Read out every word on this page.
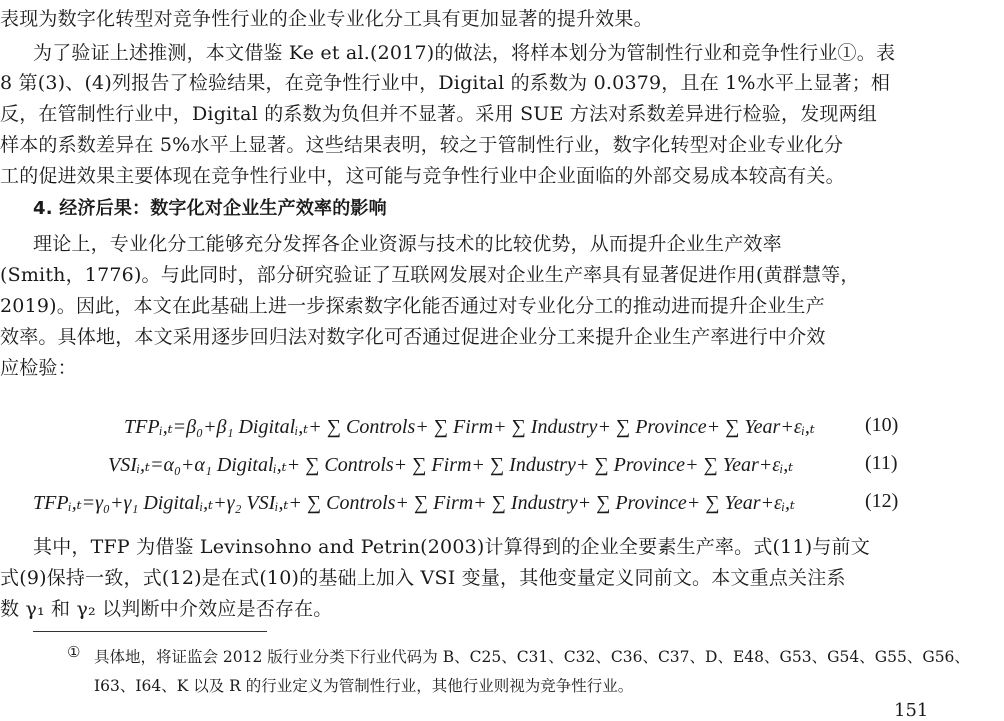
表现为数字化转型对竞争性行业的企业专业化分工具有更加显著的提升效果。
为了验证上述推测，本文借鉴 Ke et al.(2017)的做法，将样本划分为管制性行业和竞争性行业①。表
8 第(3)、(4)列报告了检验结果，在竞争性行业中，Digital 的系数为 0.0379，且在 1%水平上显著；相
反，在管制性行业中，Digital 的系数为负但并不显著。采用 SUE 方法对系数差异进行检验，发现两组
样本的系数差异在 5%水平上显著。这些结果表明，较之于管制性行业，数字化转型对企业专业化分
工的促进效果主要体现在竞争性行业中，这可能与竞争性行业中企业面临的外部交易成本较高有关。
4. 经济后果：数字化对企业生产效率的影响
理论上，专业化分工能够充分发挥各企业资源与技术的比较优势，从而提升企业生产效率
(Smith，1776)。与此同时，部分研究验证了互联网发展对企业生产率具有显著促进作用(黄群慧等，
2019)。因此，本文在此基础上进一步探索数字化能否通过对专业化分工的推动进而提升企业生产
效率。具体地，本文采用逐步回归法对数字化可否通过促进企业分工来提升企业生产率进行中介效
应检验：
TFPᵢ,ₜ=β₀+β₁ Digitalᵢ,ₜ+ ∑ Controls+ ∑ Firm+ ∑ Industry+ ∑ Province+ ∑ Year+εᵢ,ₜ	(10)
VSIᵢ,ₜ=α₀+α₁ Digitalᵢ,ₜ+ ∑ Controls+ ∑ Firm+ ∑ Industry+ ∑ Province+ ∑ Year+εᵢ,ₜ	(11)
TFPᵢ,ₜ=γ₀+γ₁ Digitalᵢ,ₜ+γ₂ VSIᵢ,ₜ+ ∑ Controls+ ∑ Firm+ ∑ Industry+ ∑ Province+ ∑ Year+εᵢ,ₜ	(12)
其中，TFP 为借鉴 Levinsohno and Petrin(2003)计算得到的企业全要素生产率。式(11)与前文
式(9)保持一致，式(12)是在式(10)的基础上加入 VSI 变量，其他变量定义同前文。本文重点关注系
数 γ₁ 和 γ₂ 以判断中介效应是否存在。
① 具体地，将证监会 2012 版行业分类下行业代码为 B、C25、C31、C32、C36、C37、D、E48、G53、G54、G55、G56、
I63、I64、K 以及 R 的行业定义为管制性行业，其他行业则视为竞争性行业。
151
